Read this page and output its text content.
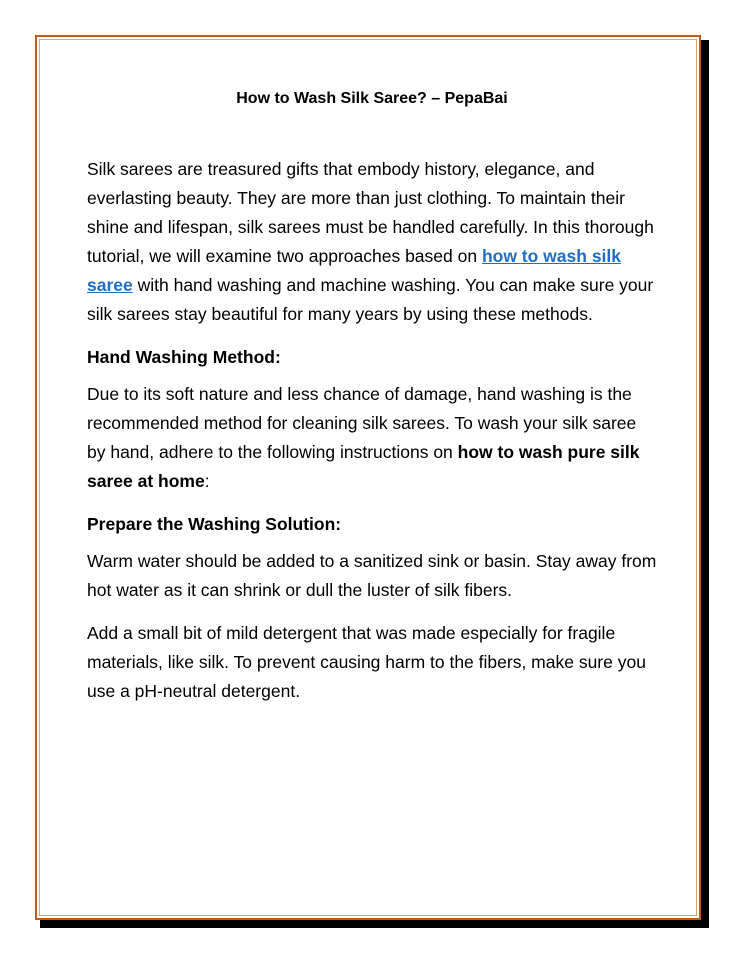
How to Wash Silk Saree? – PepaBai

Silk sarees are treasured gifts that embody history, elegance, and everlasting beauty. They are more than just clothing. To maintain their shine and lifespan, silk sarees must be handled carefully. In this thorough tutorial, we will examine two approaches based on how to wash silk saree with hand washing and machine washing. You can make sure your silk sarees stay beautiful for many years by using these methods.

Hand Washing Method:

Due to its soft nature and less chance of damage, hand washing is the recommended method for cleaning silk sarees. To wash your silk saree by hand, adhere to the following instructions on how to wash pure silk saree at home:

Prepare the Washing Solution:

Warm water should be added to a sanitized sink or basin. Stay away from hot water as it can shrink or dull the luster of silk fibers.

Add a small bit of mild detergent that was made especially for fragile materials, like silk. To prevent causing harm to the fibers, make sure you use a pH-neutral detergent.
